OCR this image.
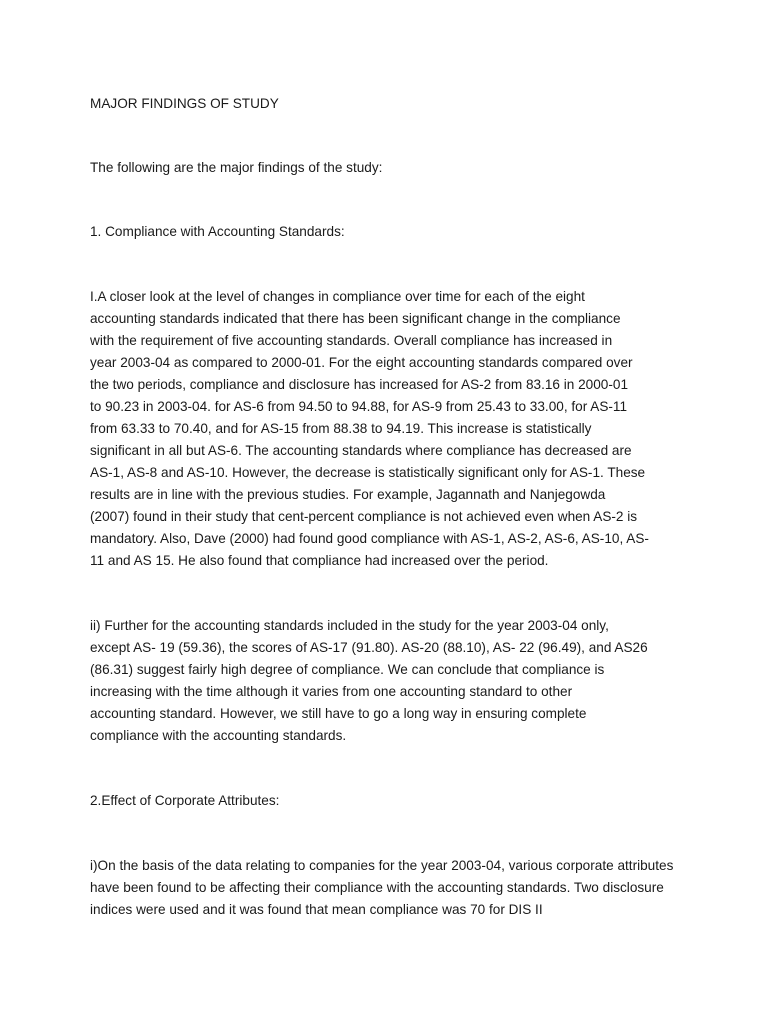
MAJOR FINDINGS OF STUDY

The following are the major findings of the study:

1. Compliance with Accounting Standards:

I.A closer look at the level of changes in compliance over time for each of the eight
accounting standards indicated that there has been significant change in the compliance
with the requirement of five accounting standards. Overall compliance has increased in
year 2003-04 as compared to 2000-01. For the eight accounting standards compared over
the two periods, compliance and disclosure has increased for AS-2 from 83.16 in 2000-01
to 90.23 in 2003-04. for AS-6 from 94.50 to 94.88, for AS-9 from 25.43 to 33.00, for AS-11
from 63.33 to 70.40, and for AS-15 from 88.38 to 94.19. This increase is statistically
significant in all but AS-6. The accounting standards where compliance has decreased are
AS-1, AS-8 and AS-10. However, the decrease is statistically significant only for AS-1. These
results are in line with the previous studies. For example, Jagannath and Nanjegowda
(2007) found in their study that cent-percent compliance is not achieved even when AS-2 is
mandatory. Also, Dave (2000) had found good compliance with AS-1, AS-2, AS-6, AS-10, AS-
11 and AS 15. He also found that compliance had increased over the period.

ii) Further for the accounting standards included in the study for the year 2003-04 only,
except AS- 19 (59.36), the scores of AS-17 (91.80). AS-20 (88.10), AS- 22 (96.49), and AS26
(86.31) suggest fairly high degree of compliance. We can conclude that compliance is
increasing with the time although it varies from one accounting standard to other
accounting standard. However, we still have to go a long way in ensuring complete
compliance with the accounting standards.

2.Effect of Corporate Attributes:

i)On the basis of the data relating to companies for the year 2003-04, various corporate attributes have been found to be affecting their compliance with the accounting standards. Two disclosure indices were used and it was found that mean compliance was 70 for DIS II
